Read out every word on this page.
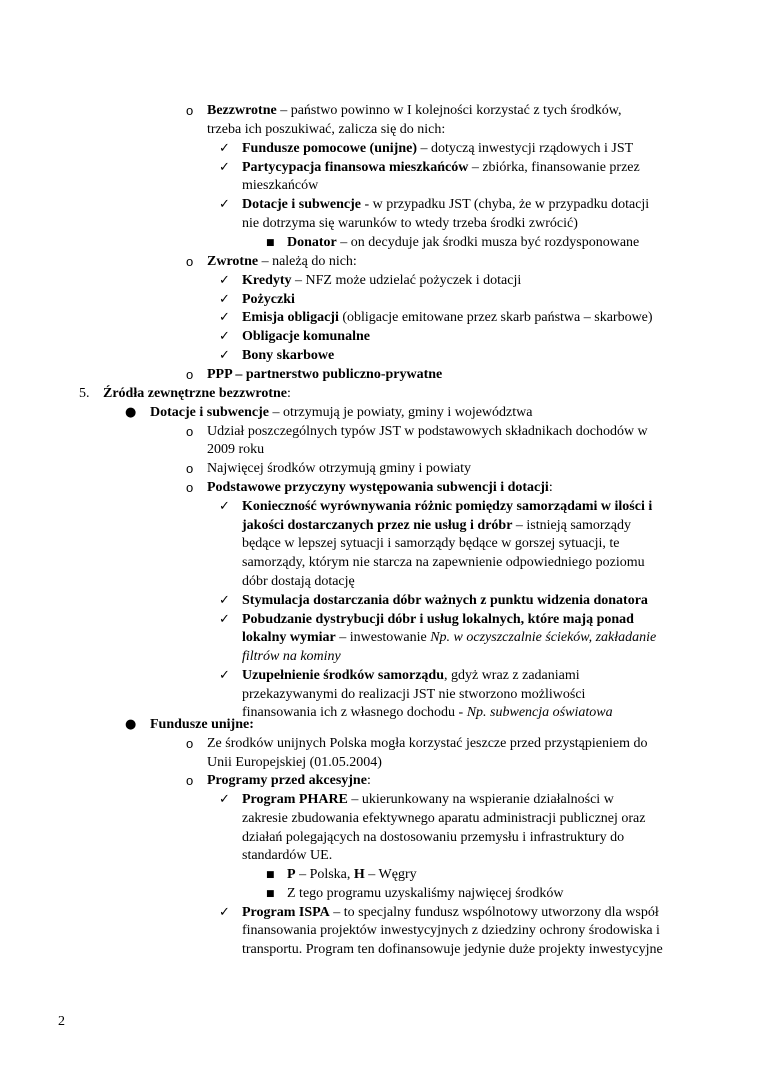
Bezzwrotne – państwo powinno w I kolejności korzystać z tych środków,
trzeba ich poszukiwać, zalicza się do nich:
Fundusze pomocowe (unijne) – dotyczą inwestycji rządowych i JST
Partycypacja finansowa mieszkańców – zbiórka, finansowanie przez
mieszkańców
Dotacje i subwencje - w przypadku JST (chyba, że w przypadku dotacji
nie dotrzyma się warunków to wtedy trzeba środki zwrócić)
Donator – on decyduje jak środki musza być rozdysponowane
Zwrotne – należą do nich:
Kredyty – NFZ może udzielać pożyczek i dotacji
Pożyczki
Emisja obligacji (obligacje emitowane przez skarb państwa – skarbowe)
Obligacje komunalne
Bony skarbowe
PPP – partnerstwo publiczno-prywatne
Źródła zewnętrzne bezzwrotne:
Dotacje i subwencje – otrzymują je powiaty, gminy i województwa
Udział poszczególnych typów JST w podstawowych składnikach dochodów w
2009 roku
Najwięcej środków otrzymują gminy i powiaty
Podstawowe przyczyny występowania subwencji i dotacji:
Konieczność wyrównywania różnic pomiędzy samorządami w ilości i
jakości dostarczanych przez nie usług i dróbr – istnieją samorządy
będące w lepszej sytuacji i samorządy będące w gorszej sytuacji, te
samorządy, którym nie starcza na zapewnienie odpowiedniego poziomu
dóbr dostają dotację
Stymulacja dostarczania dóbr ważnych z punktu widzenia donatora
Pobudzanie dystrybucji dóbr i usług lokalnych, które mają ponad
lokalny wymiar – inwestowanie Np. w oczyszczalnie ścieków, zakładanie
filtrów na kominy
Uzupełnienie środków samorządu, gdyż wraz z zadaniami
przekazywanymi do realizacji JST nie stworzono możliwości
finansowania ich z własnego dochodu - Np. subwencja oświatowa
Fundusze unijne:
Ze środków unijnych Polska mogła korzystać jeszcze przed przystąpieniem do
Unii Europejskiej (01.05.2004)
Programy przed akcesyjne:
Program PHARE – ukierunkowany na wspieranie działalności w
zakresie zbudowania efektywnego aparatu administracji publicznej oraz
działań polegających na dostosowaniu przemysłu i infrastruktury do
standardów UE.
P – Polska, H – Węgry
Z tego programu uzyskaliśmy najwięcej środków
Program ISPA – to specjalny fundusz wspólnotowy utworzony dla współ
finansowania projektów inwestycyjnych z dziedziny ochrony środowiska i
transportu. Program ten dofinansowuje jedynie duże projekty inwestycyjne
o
✓
✓
✓
■
o
✓
✓
✓
✓
✓
o
5.
●
o
o
o
✓
✓
✓
✓
●
o
o
✓
■
■
✓
2
